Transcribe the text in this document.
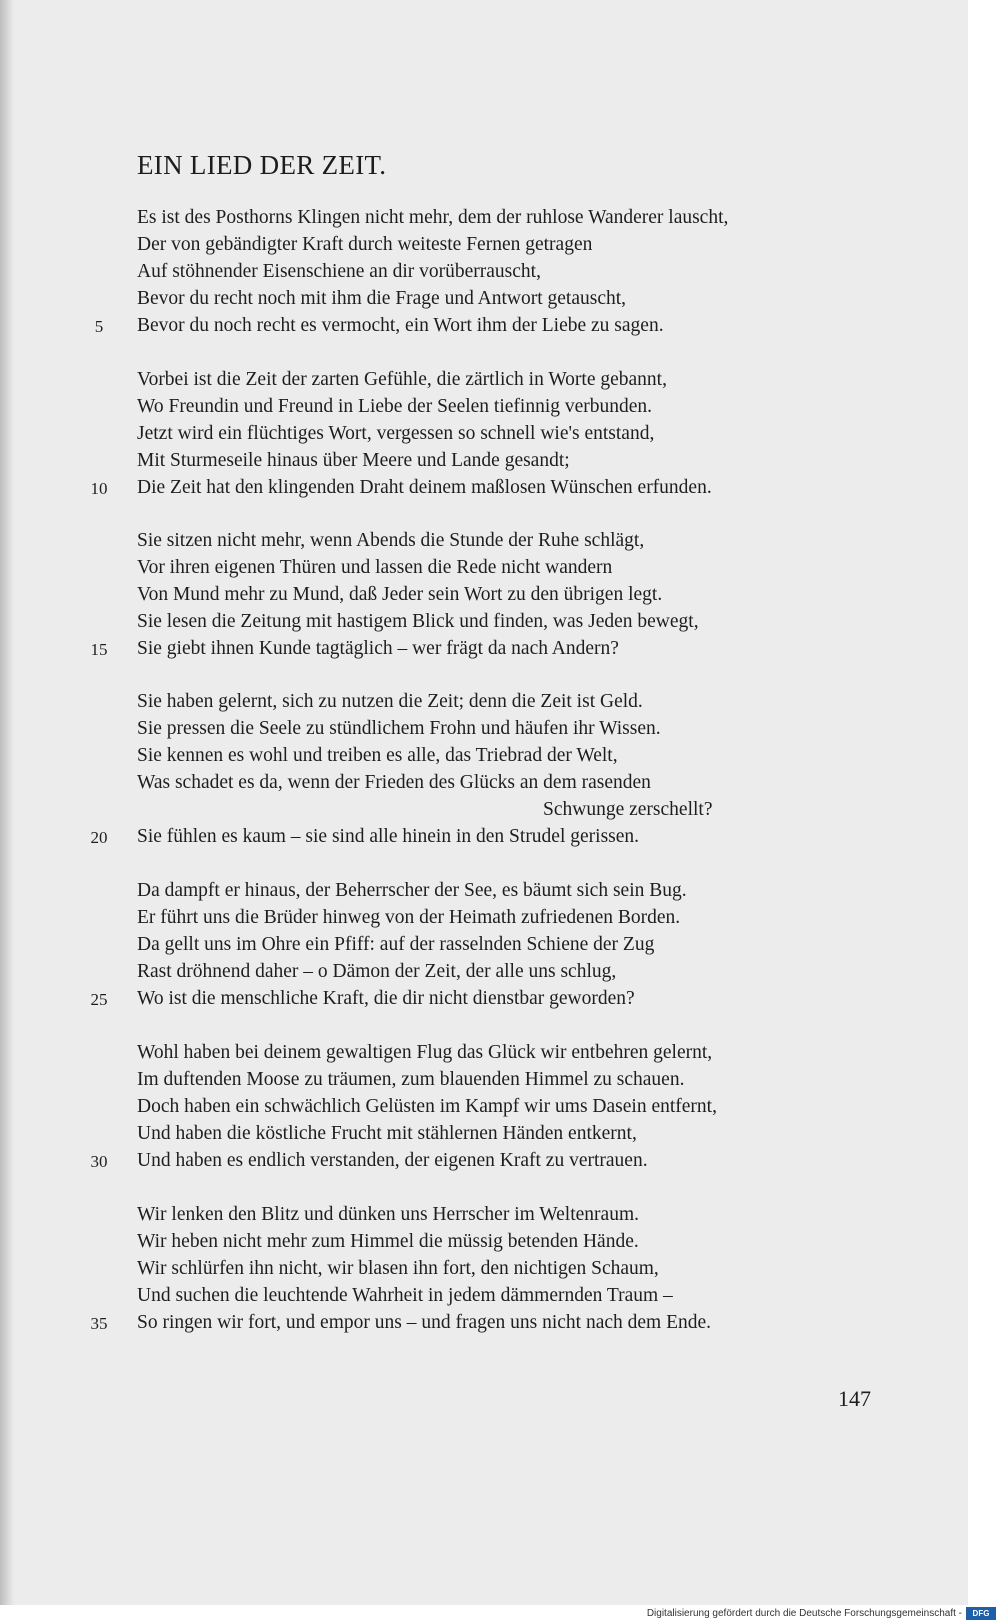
EIN LIED DER ZEIT.
Es ist des Posthorns Klingen nicht mehr, dem der ruhlose Wanderer lauscht,
Der von gebändigter Kraft durch weiteste Fernen getragen
Auf stöhnender Eisenschiene an dir vorüberrauscht,
Bevor du recht noch mit ihm die Frage und Antwort getauscht,
5	Bevor du noch recht es vermocht, ein Wort ihm der Liebe zu sagen.
Vorbei ist die Zeit der zarten Gefühle, die zärtlich in Worte gebannt,
Wo Freundin und Freund in Liebe der Seelen tiefinnig verbunden.
Jetzt wird ein flüchtiges Wort, vergessen so schnell wie's entstand,
Mit Sturmeseile hinaus über Meere und Lande gesandt;
10	Die Zeit hat den klingenden Draht deinem maßlosen Wünschen erfunden.
Sie sitzen nicht mehr, wenn Abends die Stunde der Ruhe schlägt,
Vor ihren eigenen Thüren und lassen die Rede nicht wandern
Von Mund mehr zu Mund, daß Jeder sein Wort zu den übrigen legt.
Sie lesen die Zeitung mit hastigem Blick und finden, was Jeden bewegt,
15	Sie giebt ihnen Kunde tagtäglich – wer frägt da nach Andern?
Sie haben gelernt, sich zu nutzen die Zeit; denn die Zeit ist Geld.
Sie pressen die Seele zu stündlichem Frohn und häufen ihr Wissen.
Sie kennen es wohl und treiben es alle, das Triebrad der Welt,
Was schadet es da, wenn der Frieden des Glücks an dem rasenden
Schwunge zerschellt?
20	Sie fühlen es kaum – sie sind alle hinein in den Strudel gerissen.
Da dampft er hinaus, der Beherrscher der See, es bäumt sich sein Bug.
Er führt uns die Brüder hinweg von der Heimath zufriedenen Borden.
Da gellt uns im Ohre ein Pfiff: auf der rasselnden Schiene der Zug
Rast dröhnend daher – o Dämon der Zeit, der alle uns schlug,
25	Wo ist die menschliche Kraft, die dir nicht dienstbar geworden?
Wohl haben bei deinem gewaltigen Flug das Glück wir entbehren gelernt,
Im duftenden Moose zu träumen, zum blauenden Himmel zu schauen.
Doch haben ein schwächlich Gelüsten im Kampf wir ums Dasein entfernt,
Und haben die köstliche Frucht mit stählernen Händen entkernt,
30	Und haben es endlich verstanden, der eigenen Kraft zu vertrauen.
Wir lenken den Blitz und dünken uns Herrscher im Weltenraum.
Wir heben nicht mehr zum Himmel die müssig betenden Hände.
Wir schlürfen ihn nicht, wir blasen ihn fort, den nichtigen Schaum,
Und suchen die leuchtende Wahrheit in jedem dämmernden Traum –
35	So ringen wir fort, und empor uns – und fragen uns nicht nach dem Ende.
147
Digitalisierung gefördert durch die Deutsche Forschungsgemeinschaft -	DFG
